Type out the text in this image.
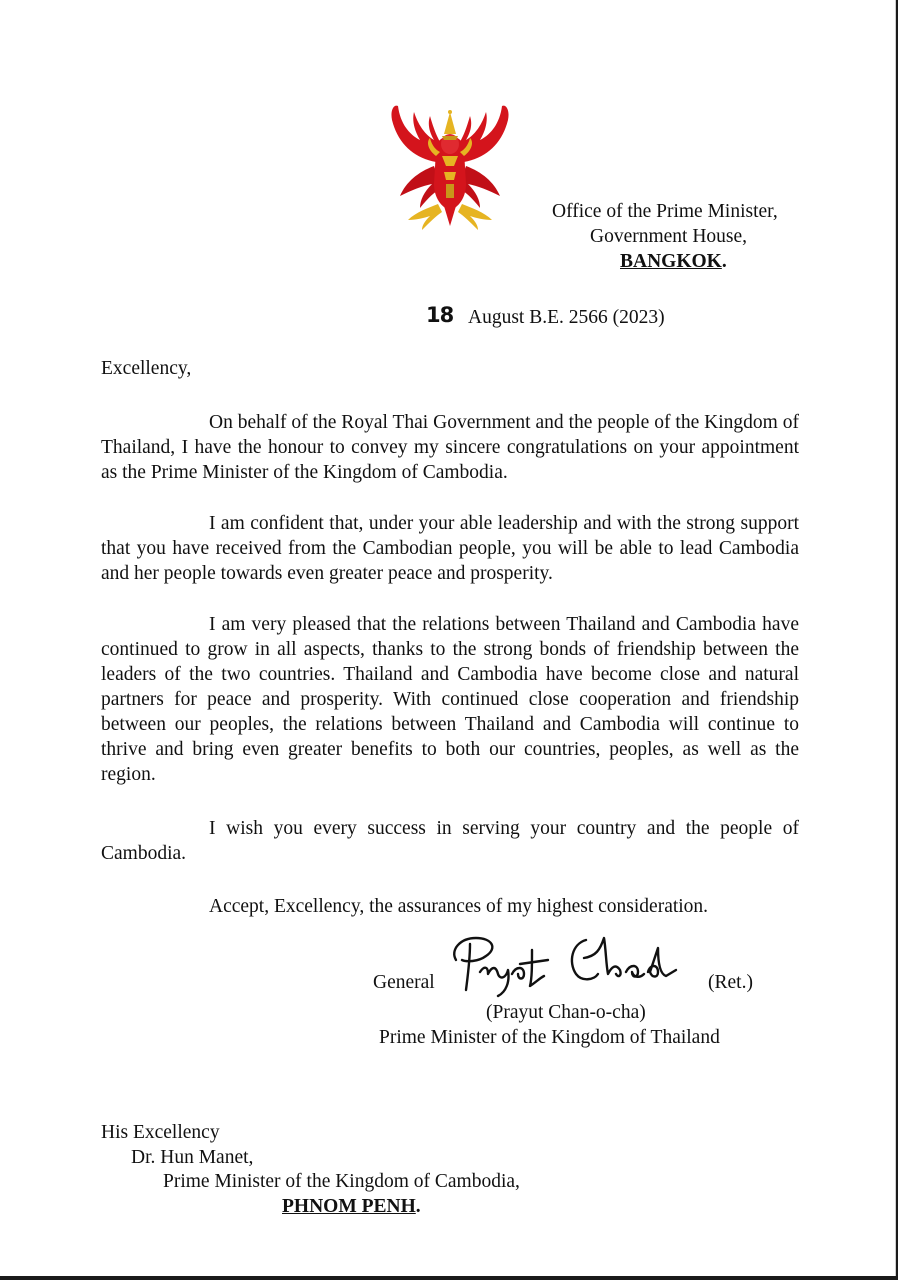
Office of the Prime Minister,

Government House,

BANGKOK.

18 August B.E. 2566 (2023)

Excellency,

On behalf of the Royal Thai Government and the people of the Kingdom of Thailand, I have the honour to convey my sincere congratulations on your appointment as the Prime Minister of the Kingdom of Cambodia.

I am confident that, under your able leadership and with the strong support that you have received from the Cambodian people, you will be able to lead Cambodia and her people towards even greater peace and prosperity.

I am very pleased that the relations between Thailand and Cambodia have continued to grow in all aspects, thanks to the strong bonds of friendship between the leaders of the two countries. Thailand and Cambodia have become close and natural partners for peace and prosperity. With continued close cooperation and friendship between our peoples, the relations between Thailand and Cambodia will continue to thrive and bring even greater benefits to both our countries, peoples, as well as the region.

I wish you every success in serving your country and the people of Cambodia.

Accept, Excellency, the assurances of my highest consideration.

General	(Ret.)

(Prayut Chan-o-cha)

Prime Minister of the Kingdom of Thailand

His Excellency

Dr. Hun Manet,

Prime Minister of the Kingdom of Cambodia,

PHNOM PENH.
